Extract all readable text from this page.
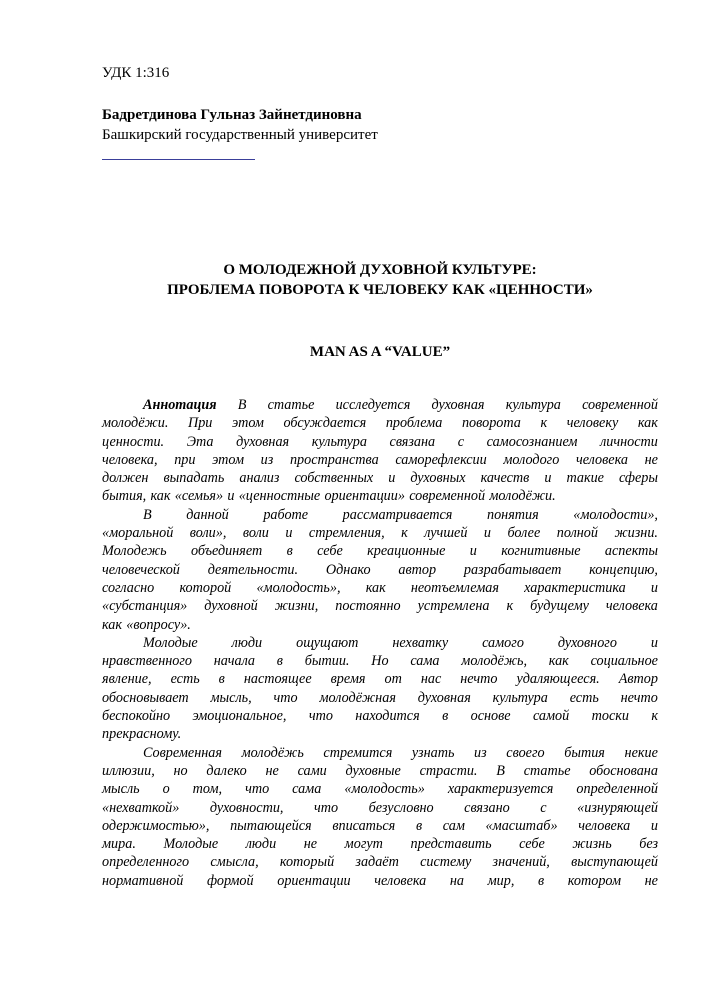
УДК 1:316

Бадретдинова Гульназ Зайнетдиновна

Башкирский государственный университет

О МОЛОДЕЖНОЙ ДУХОВНОЙ КУЛЬТУРЕ:

ПРОБЛЕМА ПОВОРОТА К ЧЕЛОВЕКУ КАК «ЦЕННОСТИ»

MAN AS A “VALUE”

Аннотация В статье исследуется духовная культура современной
молодёжи. При этом обсуждается проблема поворота к человеку как
ценности. Эта духовная культура связана с самосознанием личности
человека, при этом из пространства саморефлексии молодого человека не
должен выпадать анализ собственных и духовных качеств и такие сферы
бытия, как «семья» и «ценностные ориентации» современной молодёжи.
В данной работе рассматривается понятия «молодости»,
«моральной воли», воли и стремления, к лучшей и более полной жизни.
Молодежь объединяет в себе креационные и когнитивные аспекты
человеческой деятельности. Однако автор разрабатывает концепцию,
согласно которой «молодость», как неотъемлемая характеристика и
«субстанция» духовной жизни, постоянно устремлена к будущему человека
как «вопросу».
Молодые люди ощущают нехватку самого духовного и
нравственного начала в бытии. Но сама молодёжь, как социальное
явление, есть в настоящее время от нас нечто удаляющееся. Автор
обосновывает мысль, что молодёжная духовная культура есть нечто
беспокойно эмоциональное, что находится в основе самой тоски к
прекрасному.
Современная молодёжь стремится узнать из своего бытия некие
иллюзии, но далеко не сами духовные страсти. В статье обоснована
мысль о том, что сама «молодость» характеризуется определенной
«нехваткой» духовности, что безусловно связано с «изнуряющей
одержимостью», пытающейся вписаться в сам «масштаб» человека и
мира. Молодые люди не могут представить себе жизнь без
определенного смысла, который задаёт систему значений, выступающей
нормативной формой ориентации человека на мир, в котором не
